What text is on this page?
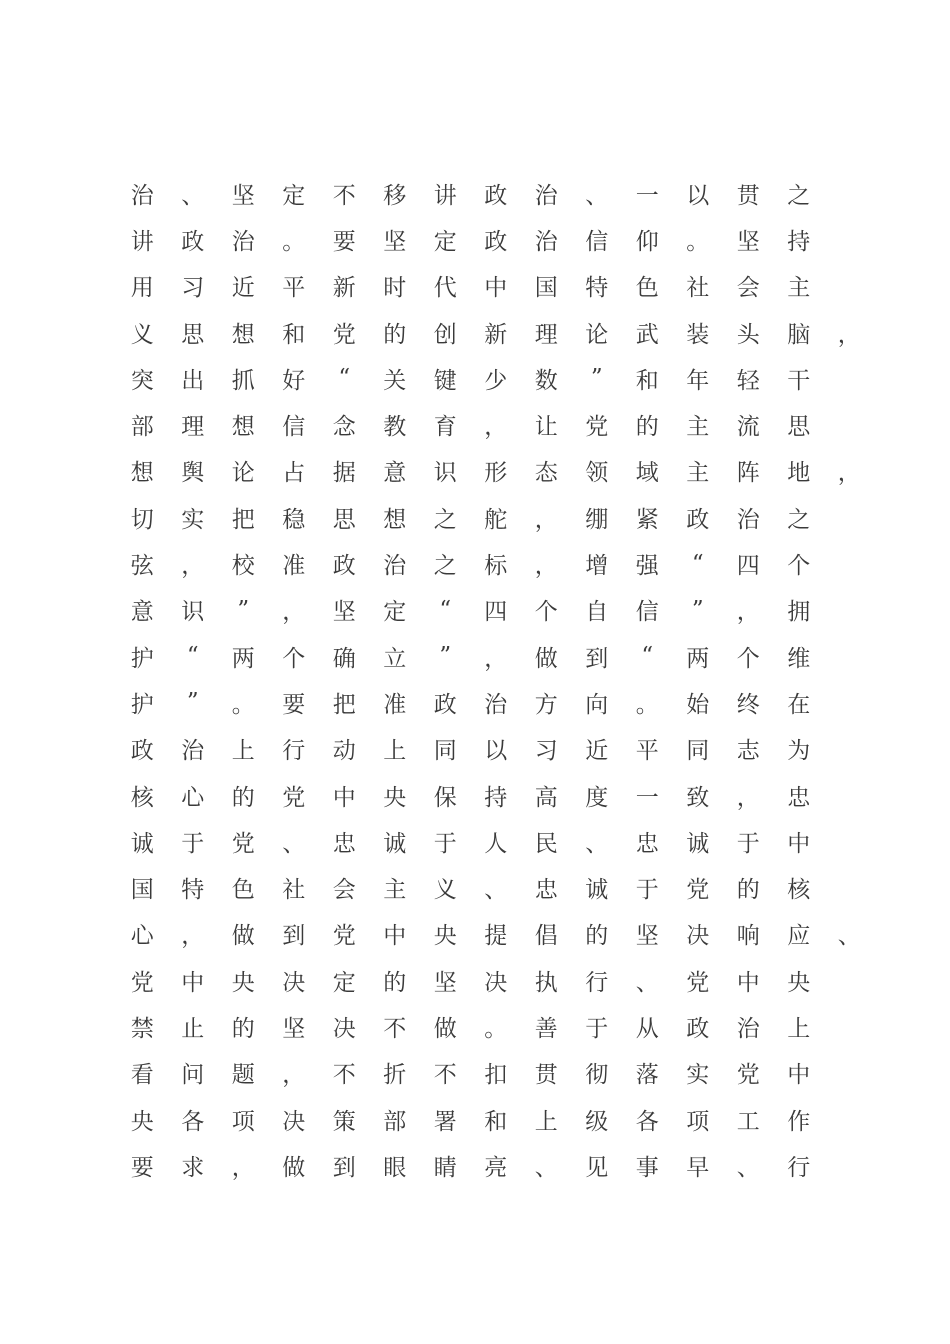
治	、	坚	定	不	移	讲	政	治	、	一	以	贯	之
讲	政	治	。	要	坚	定	政	治	信	仰	。	坚	持
用	习	近	平	新	时	代	中	国	特	色	社	会	主
义	思	想	和	党	的	创	新	理	论	武	装	头	脑	，
突	出	抓	好	“	关	键	少	数	”	和	年	轻	干
部	理	想	信	念	教	育	，	让	党	的	主	流	思
想	舆	论	占	据	意	识	形	态	领	域	主	阵	地	，
切	实	把	稳	思	想	之	舵	，	绷	紧	政	治	之
弦	，	校	准	政	治	之	标	，	增	强	“	四	个
意	识	”	，	坚	定	“	四	个	自	信	”	，	拥
护	“	两	个	确	立	”	，	做	到	“	两	个	维
护	”	。	要	把	准	政	治	方	向	。	始	终	在
政	治	上	行	动	上	同	以	习	近	平	同	志	为
核	心	的	党	中	央	保	持	高	度	一	致	，	忠
诚	于	党	、	忠	诚	于	人	民	、	忠	诚	于	中
国	特	色	社	会	主	义	、	忠	诚	于	党	的	核
心	，	做	到	党	中	央	提	倡	的	坚	决	响	应	、
党	中	央	决	定	的	坚	决	执	行	、	党	中	央
禁	止	的	坚	决	不	做	。	善	于	从	政	治	上
看	问	题	，	不	折	不	扣	贯	彻	落	实	党	中
央	各	项	决	策	部	署	和	上	级	各	项	工	作
要	求	，	做	到	眼	睛	亮	、	见	事	早	、	行
